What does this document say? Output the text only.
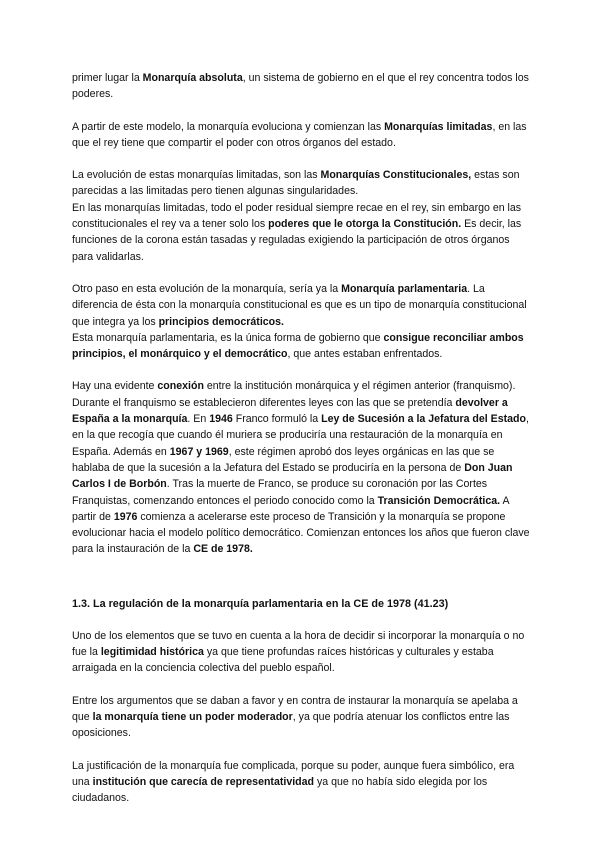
primer lugar la Monarquía absoluta, un sistema de gobierno en el que el rey concentra todos los poderes.

A partir de este modelo, la monarquía evoluciona y comienzan las Monarquías limitadas, en las que el rey tiene que compartir el poder con otros órganos del estado.

La evolución de estas monarquías limitadas, son las Monarquías Constitucionales, estas son parecidas a las limitadas pero tienen algunas singularidades.

En las monarquías limitadas, todo el poder residual siempre recae en el rey, sin embargo en las constitucionales el rey va a tener solo los poderes que le otorga la Constitución. Es decir, las funciones de la corona están tasadas y reguladas exigiendo la participación de otros órganos para validarlas.

Otro paso en esta evolución de la monarquía, sería ya la Monarquía parlamentaria. La diferencia de ésta con la monarquía constitucional es que es un tipo de monarquía constitucional que integra ya los principios democráticos.

Esta monarquía parlamentaria, es la única forma de gobierno que consigue reconciliar ambos principios, el monárquico y el democrático, que antes estaban enfrentados.

Hay una evidente conexión entre la institución monárquica y el régimen anterior (franquismo). Durante el franquismo se establecieron diferentes leyes con las que se pretendía devolver a España a la monarquía. En 1946 Franco formuló la Ley de Sucesión a la Jefatura del Estado, en la que recogía que cuando él muriera se produciría una restauración de la monarquía en España. Además en 1967 y 1969, este régimen aprobó dos leyes orgánicas en las que se hablaba de que la sucesión a la Jefatura del Estado se produciría en la persona de Don Juan Carlos I de Borbón. Tras la muerte de Franco, se produce su coronación por las Cortes Franquistas, comenzando entonces el periodo conocido como la Transición Democrática. A partir de 1976 comienza a acelerarse este proceso de Transición y la monarquía se propone evolucionar hacia el modelo político democrático. Comienzan entonces los años que fueron clave para la instauración de la CE de 1978.

1.3. La regulación de la monarquía parlamentaria en la CE de 1978 (41.23)

Uno de los elementos que se tuvo en cuenta a la hora de decidir si incorporar la monarquía o no fue la legitimidad histórica ya que tiene profundas raíces históricas y culturales y estaba arraigada en la conciencia colectiva del pueblo español.

Entre los argumentos que se daban a favor y en contra de instaurar la monarquía se apelaba a que la monarquía tiene un poder moderador, ya que podría atenuar los conflictos entre las oposiciones.

La justificación de la monarquía fue complicada, porque su poder, aunque fuera simbólico, era una institución que carecía de representatividad ya que no había sido elegida por los ciudadanos.
